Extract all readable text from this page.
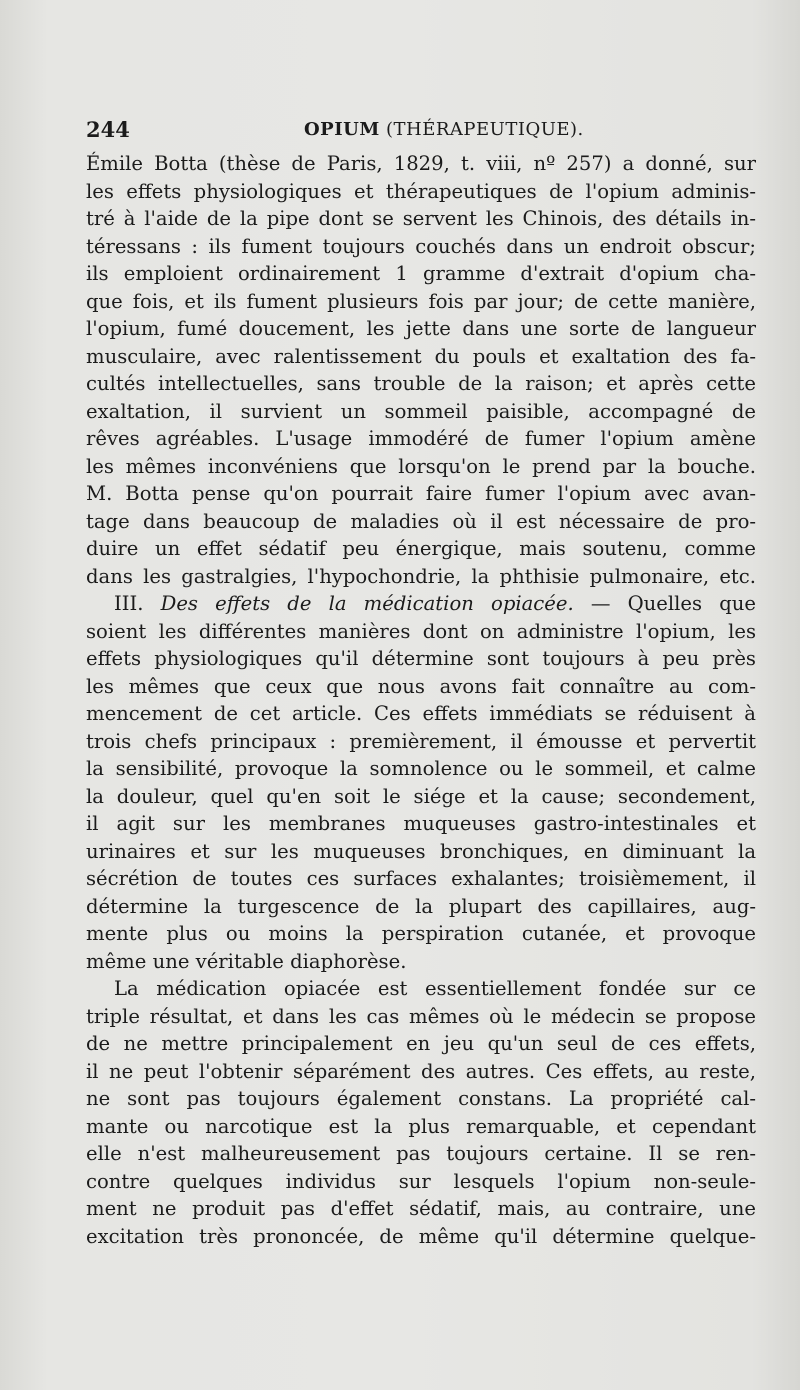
244	OPIUM (THÉRAPEUTIQUE).
Émile Botta (thèse de Paris, 1829, t. viii, nº 257) a donné, sur
les effets physiologiques et thérapeutiques de l'opium adminis-
tré à l'aide de la pipe dont se servent les Chinois, des détails in-
téressans : ils fument toujours couchés dans un endroit obscur;
ils emploient ordinairement 1 gramme d'extrait d'opium cha-
que fois, et ils fument plusieurs fois par jour; de cette manière,
l'opium, fumé doucement, les jette dans une sorte de langueur
musculaire, avec ralentissement du pouls et exaltation des fa-
cultés intellectuelles, sans trouble de la raison; et après cette
exaltation, il survient un sommeil paisible, accompagné de
rêves agréables. L'usage immodéré de fumer l'opium amène
les mêmes inconvéniens que lorsqu'on le prend par la bouche.
M. Botta pense qu'on pourrait faire fumer l'opium avec avan-
tage dans beaucoup de maladies où il est nécessaire de pro-
duire un effet sédatif peu énergique, mais soutenu, comme
dans les gastralgies, l'hypochondrie, la phthisie pulmonaire, etc.
III. Des effets de la médication opiacée. — Quelles que
soient les différentes manières dont on administre l'opium, les
effets physiologiques qu'il détermine sont toujours à peu près
les mêmes que ceux que nous avons fait connaître au com-
mencement de cet article. Ces effets immédiats se réduisent à
trois chefs principaux : premièrement, il émousse et pervertit
la sensibilité, provoque la somnolence ou le sommeil, et calme
la douleur, quel qu'en soit le siége et la cause; secondement,
il agit sur les membranes muqueuses gastro-intestinales et
urinaires et sur les muqueuses bronchiques, en diminuant la
sécrétion de toutes ces surfaces exhalantes; troisièmement, il
détermine la turgescence de la plupart des capillaires, aug-
mente plus ou moins la perspiration cutanée, et provoque
même une véritable diaphorèse.
La médication opiacée est essentiellement fondée sur ce
triple résultat, et dans les cas mêmes où le médecin se propose
de ne mettre principalement en jeu qu'un seul de ces effets,
il ne peut l'obtenir séparément des autres. Ces effets, au reste,
ne sont pas toujours également constans. La propriété cal-
mante ou narcotique est la plus remarquable, et cependant
elle n'est malheureusement pas toujours certaine. Il se ren-
contre quelques individus sur lesquels l'opium non-seule-
ment ne produit pas d'effet sédatif, mais, au contraire, une
excitation très prononcée, de même qu'il détermine quelque-
